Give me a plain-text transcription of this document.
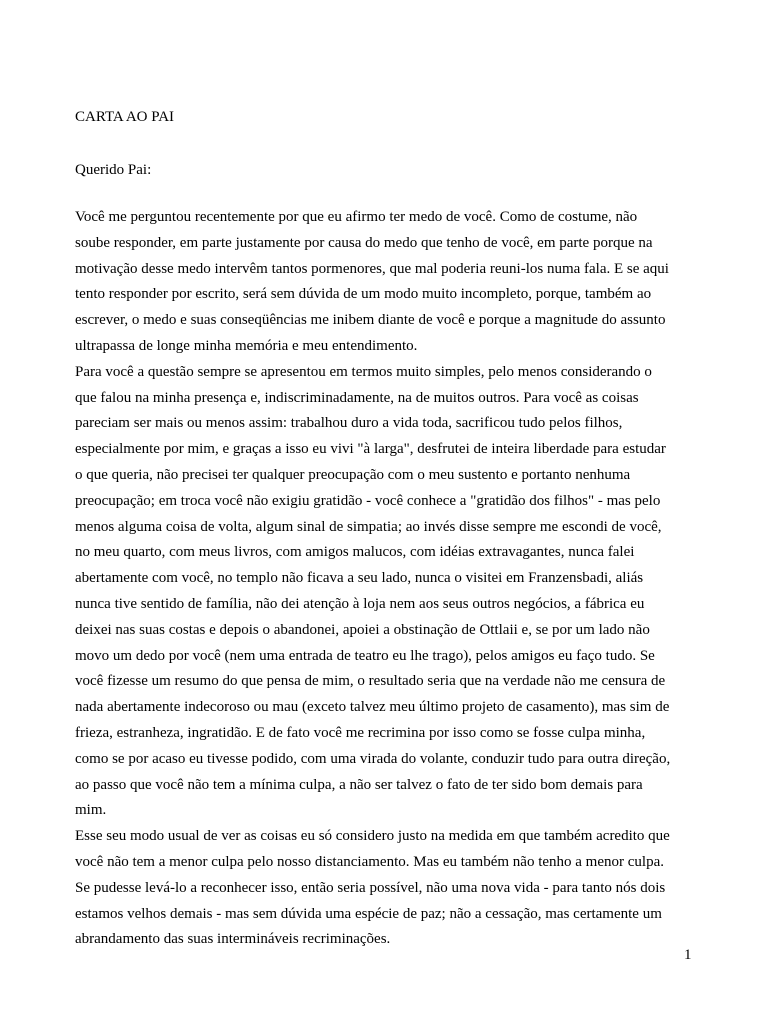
CARTA AO PAI
Querido Pai:
Você me perguntou recentemente por que eu afirmo ter medo de você. Como de costume, não
soube responder, em parte justamente por causa do medo que tenho de você, em parte porque na
motivação desse medo intervêm tantos pormenores, que mal poderia reuni-los numa fala. E se aqui
tento responder por escrito, será sem dúvida de um modo muito incompleto, porque, também ao
escrever, o medo e suas conseqüências me inibem diante de você e porque a magnitude do assunto
ultrapassa de longe minha memória e meu entendimento.
Para você a questão sempre se apresentou em termos muito simples, pelo menos considerando o
que falou na minha presença e, indiscriminadamente, na de muitos outros. Para você as coisas
pareciam ser mais ou menos assim: trabalhou duro a vida toda, sacrificou tudo pelos filhos,
especialmente por mim, e graças a isso eu vivi "à larga", desfrutei de inteira liberdade para estudar
o que queria, não precisei ter qualquer preocupação com o meu sustento e portanto nenhuma
preocupação; em troca você não exigiu gratidão - você conhece a "gratidão dos filhos" - mas pelo
menos alguma coisa de volta, algum sinal de simpatia; ao invés disse sempre me escondi de você,
no meu quarto, com meus livros, com amigos malucos, com idéias extravagantes, nunca falei
abertamente com você, no templo não ficava a seu lado, nunca o visitei em Franzensbadi, aliás
nunca tive sentido de família, não dei atenção à loja nem aos seus outros negócios, a fábrica eu
deixei nas suas costas e depois o abandonei, apoiei a obstinação de Ottlaii e, se por um lado não
movo um dedo por você (nem uma entrada de teatro eu lhe trago), pelos amigos eu faço tudo. Se
você fizesse um resumo do que pensa de mim, o resultado seria que na verdade não me censura de
nada abertamente indecoroso ou mau (exceto talvez meu último projeto de casamento), mas sim de
frieza, estranheza, ingratidão. E de fato você me recrimina por isso como se fosse culpa minha,
como se por acaso eu tivesse podido, com uma virada do volante, conduzir tudo para outra direção,
ao passo que você não tem a mínima culpa, a não ser talvez o fato de ter sido bom demais para
mim.
Esse seu modo usual de ver as coisas eu só considero justo na medida em que também acredito que
você não tem a menor culpa pelo nosso distanciamento. Mas eu também não tenho a menor culpa.
Se pudesse levá-lo a reconhecer isso, então seria possível, não uma nova vida - para tanto nós dois
estamos velhos demais - mas sem dúvida uma espécie de paz; não a cessação, mas certamente um
abrandamento das suas intermináveis recriminações.
1
